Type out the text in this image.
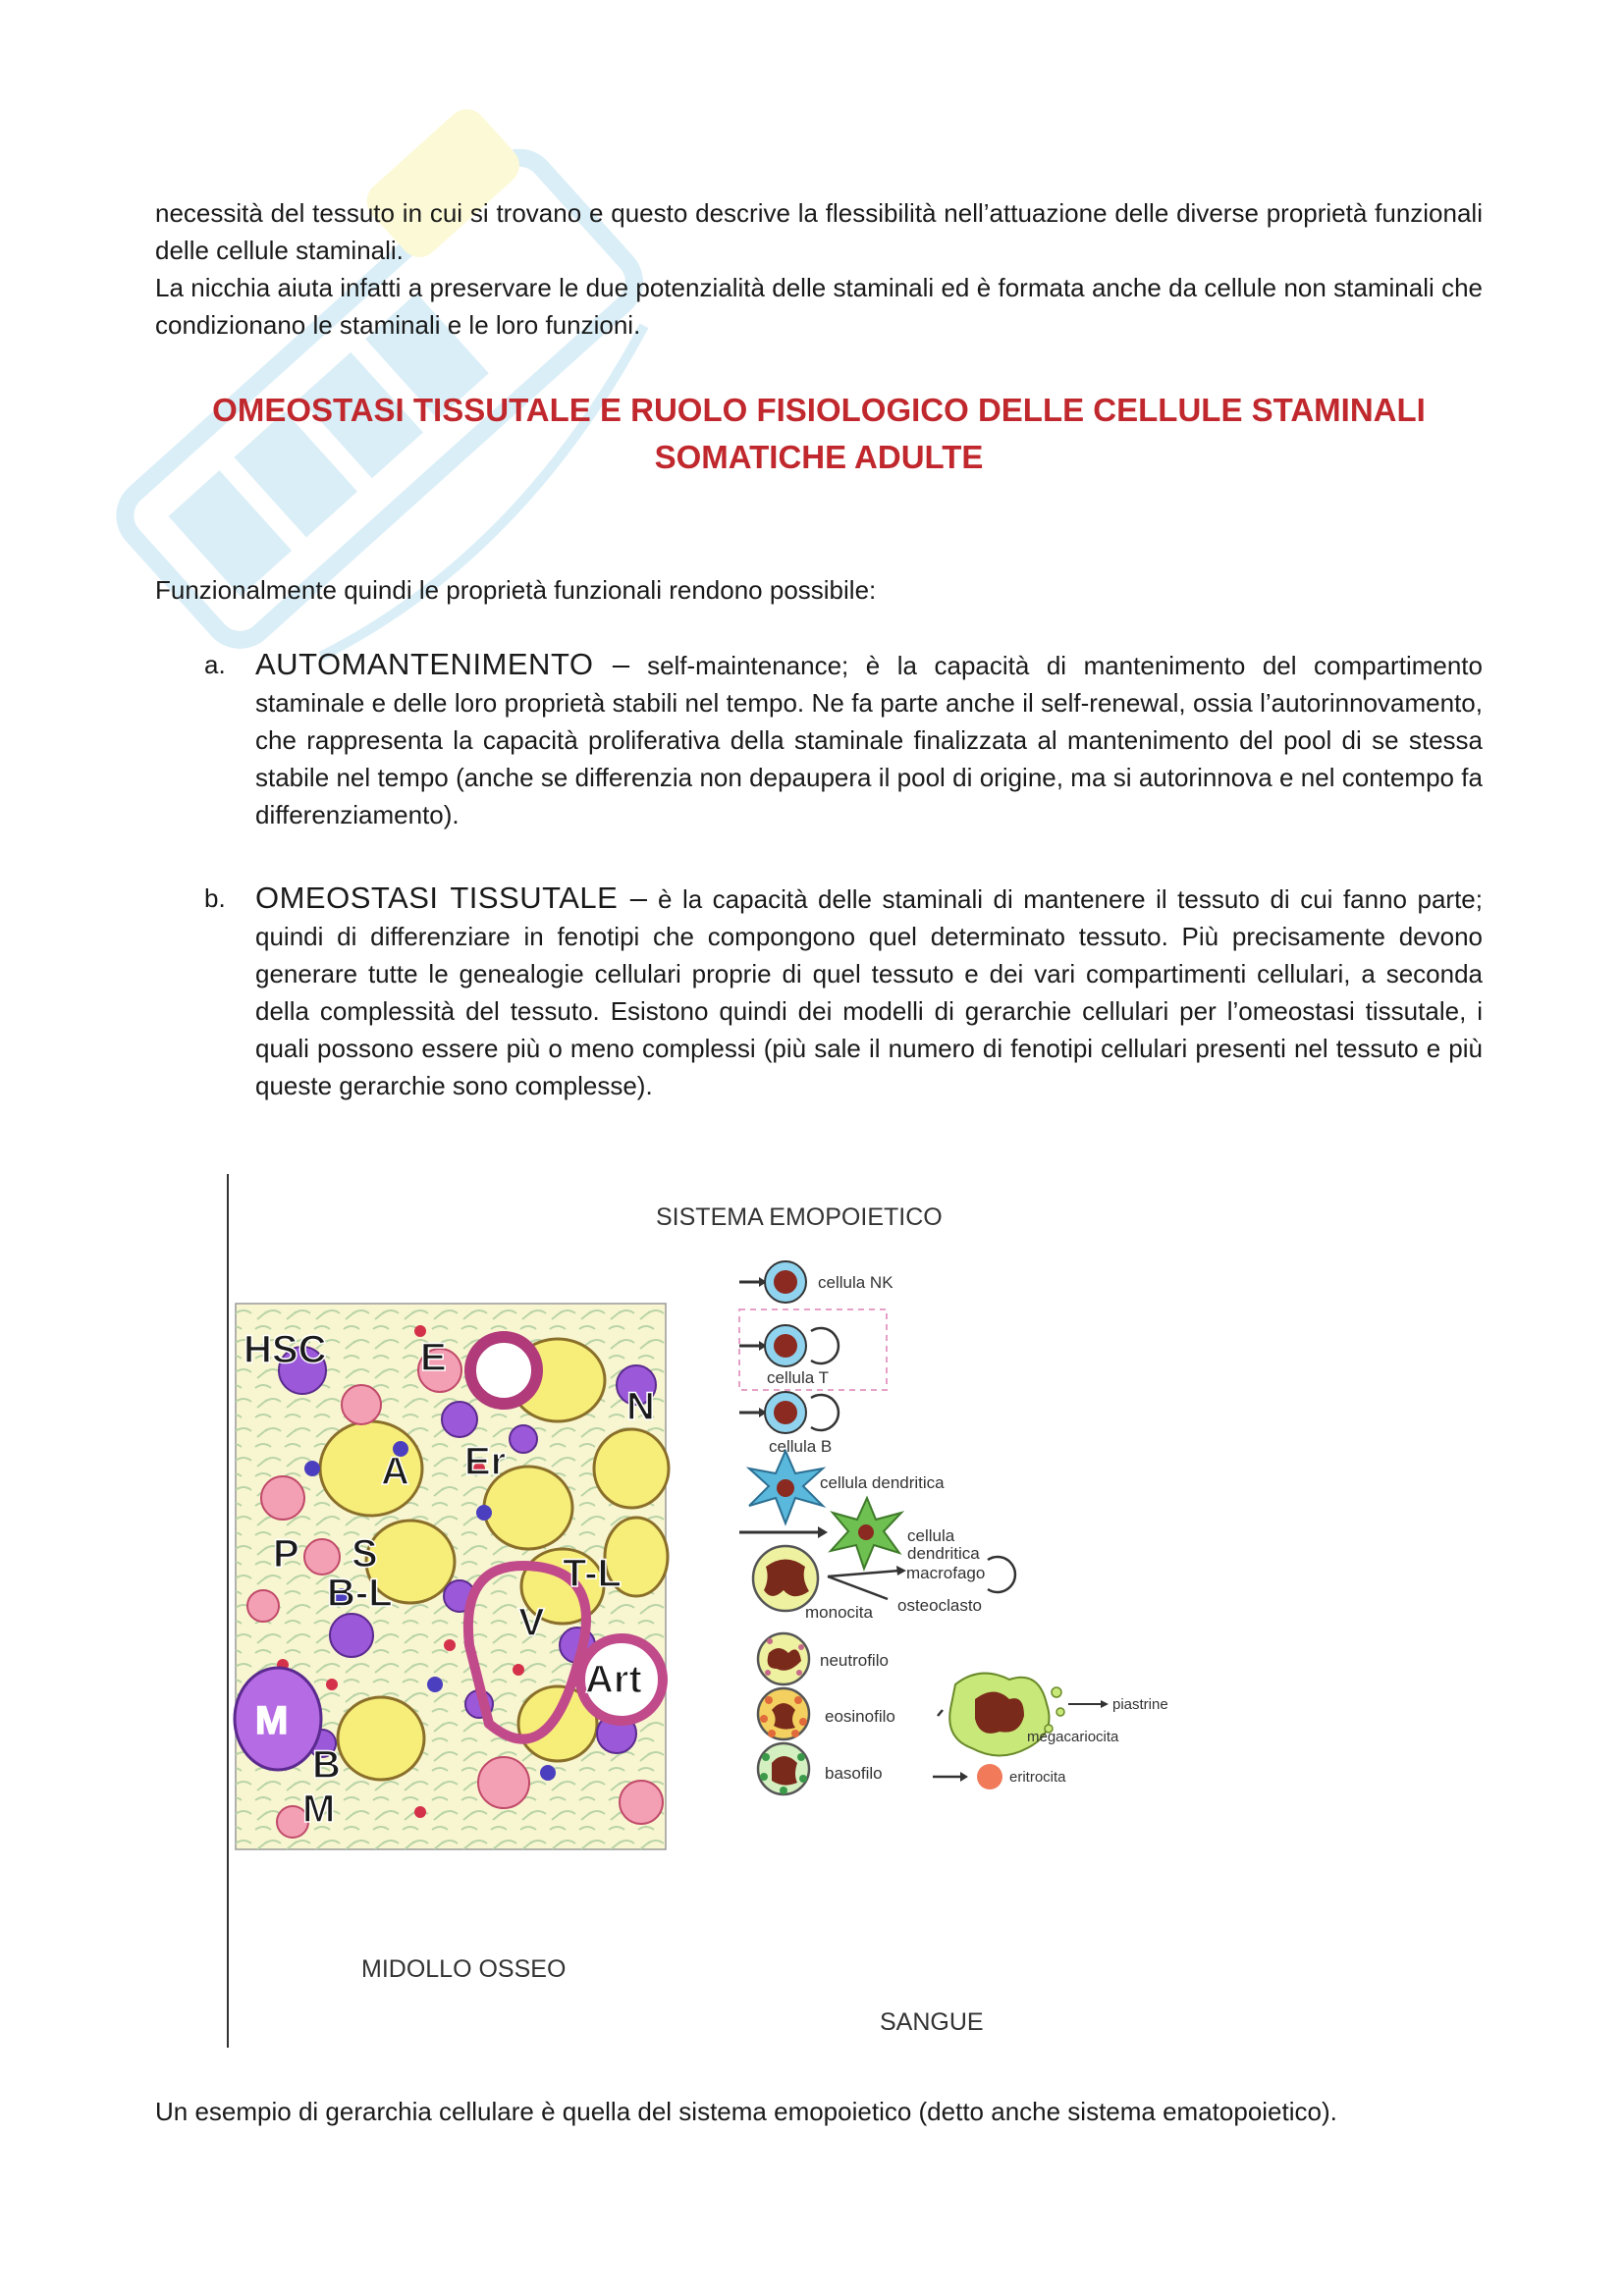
necessità del tessuto in cui si trovano e questo descrive la flessibilità nell’attuazione delle diverse proprietà funzionali delle cellule staminali.
La nicchia aiuta infatti a preservare le due potenzialità delle staminali ed è formata anche da cellule non staminali che condizionano le staminali e le loro funzioni.
OMEOSTASI TISSUTALE E RUOLO FISIOLOGICO DELLE CELLULE STAMINALI SOMATICHE ADULTE
Funzionalmente quindi le proprietà funzionali rendono possibile:
a. AUTOMANTENIMENTO – self-maintenance; è la capacità di mantenimento del compartimento staminale e delle loro proprietà stabili nel tempo. Ne fa parte anche il self-renewal, ossia l’autorinnovamento, che rappresenta la capacità proliferativa della staminale finalizzata al mantenimento del pool di se stessa stabile nel tempo (anche se differenzia non depaupera il pool di origine, ma si autorinnova e nel contempo fa differenziamento).
b. OMEOSTASI TISSUTALE – è la capacità delle staminali di mantenere il tessuto di cui fanno parte; quindi di differenziare in fenotipi che compongono quel determinato tessuto. Più precisamente devono generare tutte le genealogie cellulari proprie di quel tessuto e dei vari compartimenti cellulari, a seconda della complessità del tessuto. Esistono quindi dei modelli di gerarchie cellulari per l’omeostasi tissutale, i quali possono essere più o meno complessi (più sale il numero di fenotipi cellulari presenti nel tessuto e più queste gerarchie sono complesse).
SISTEMA EMOPOIETICO
HSC E
A Er
N
P S
B-L	T-L
M
V
Art
B
M
MIDOLLO OSSEO
SANGUE
cellula NK
cellula T
cellula B
cellula dendritica
cellula
dendritica
monocita
macrofago
osteoclasto
neutrofilo
eosinofilo
basofilo
piastrine
megacariocita
eritrocita
Un esempio di gerarchia cellulare è quella del sistema emopoietico (detto anche sistema ematopoietico).
